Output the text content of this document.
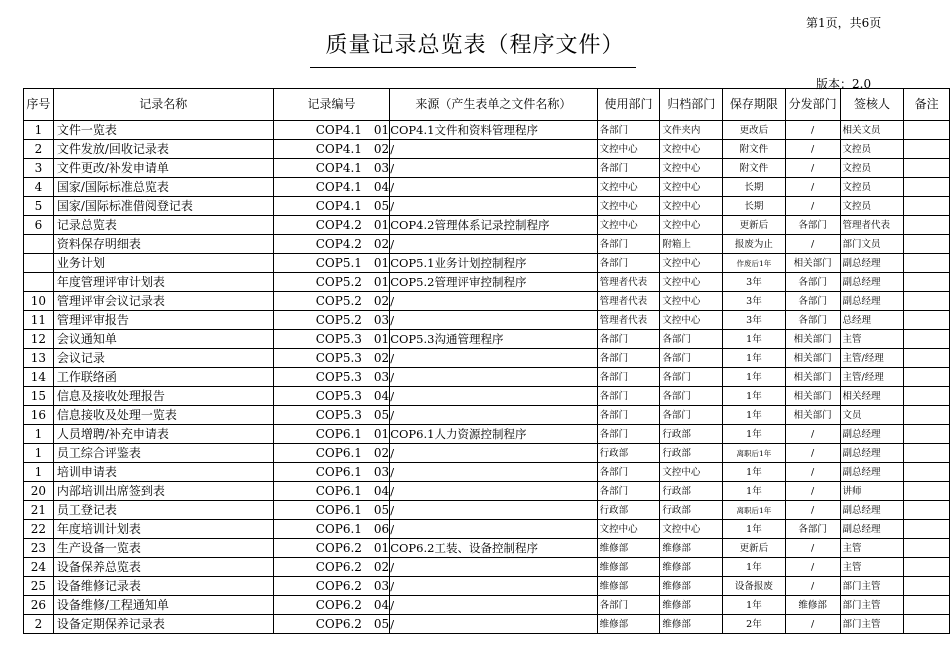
第1页，共6页
质量记录总览表（程序文件）
版本：2.0
序号	记录名称	记录编号	来源（产生表单之文件名称）	使用部门	归档部门	保存期限	分发部门	签核人	备注
1	文件一览表	COP4.1　01	COP4.1文件和资料管理程序	各部门	文件夹内	更改后	/	相关文员	
2	文件发放/回收记录表	COP4.1　02	/	文控中心	文控中心	附文件	/	文控员	
3	文件更改/补发申请单	COP4.1　03	/	各部门	文控中心	附文件	/	文控员	
4	国家/国际标准总览表	COP4.1　04	/	文控中心	文控中心	长期	/	文控员	
5	国家/国际标准借阅登记表	COP4.1　05	/	文控中心	文控中心	长期	/	文控员	
6	记录总览表	COP4.2　01	COP4.2管理体系记录控制程序	文控中心	文控中心	更新后	各部门	管理者代表	
	资料保存明细表	COP4.2　02	/	各部门	附箱上	报废为止	/	部门文员	
	业务计划	COP5.1　01	COP5.1业务计划控制程序	各部门	文控中心	作废后1年	相关部门	副总经理	
	年度管理评审计划表	COP5.2　01	COP5.2管理评审控制程序	管理者代表	文控中心	3年	各部门	副总经理	
10	管理评审会议记录表	COP5.2　02	/	管理者代表	文控中心	3年	各部门	副总经理	
11	管理评审报告	COP5.2　03	/	管理者代表	文控中心	3年	各部门	总经理	
12	会议通知单	COP5.3　01	COP5.3沟通管理程序	各部门	各部门	1年	相关部门	主管	
13	会议记录	COP5.3　02	/	各部门	各部门	1年	相关部门	主管/经理	
14	工作联络函	COP5.3　03	/	各部门	各部门	1年	相关部门	主管/经理	
15	信息及接收处理报告	COP5.3　04	/	各部门	各部门	1年	相关部门	相关经理	
16	信息接收及处理一览表	COP5.3　05	/	各部门	各部门	1年	相关部门	文员	
1	人员增聘/补充申请表	COP6.1　01	COP6.1人力资源控制程序	各部门	行政部	1年	/	副总经理	
1	员工综合评鉴表	COP6.1　02	/	行政部	行政部	离职后1年	/	副总经理	
1	培训申请表	COP6.1　03	/	各部门	文控中心	1年	/	副总经理	
20	内部培训出席签到表	COP6.1　04	/	各部门	行政部	1年	/	讲师	
21	员工登记表	COP6.1　05	/	行政部	行政部	离职后1年	/	副总经理	
22	年度培训计划表	COP6.1　06	/	文控中心	文控中心	1年	各部门	副总经理	
23	生产设备一览表	COP6.2　01	COP6.2工装、设备控制程序	维修部	维修部	更新后	/	主管	
24	设备保养总览表	COP6.2　02	/	维修部	维修部	1年	/	主管	
25	设备维修记录表	COP6.2　03	/	维修部	维修部	设备报废	/	部门主管	
26	设备维修/工程通知单	COP6.2　04	/	各部门	维修部	1年	维修部	部门主管	
2	设备定期保养记录表	COP6.2　05	/	维修部	维修部	2年	/	部门主管	
